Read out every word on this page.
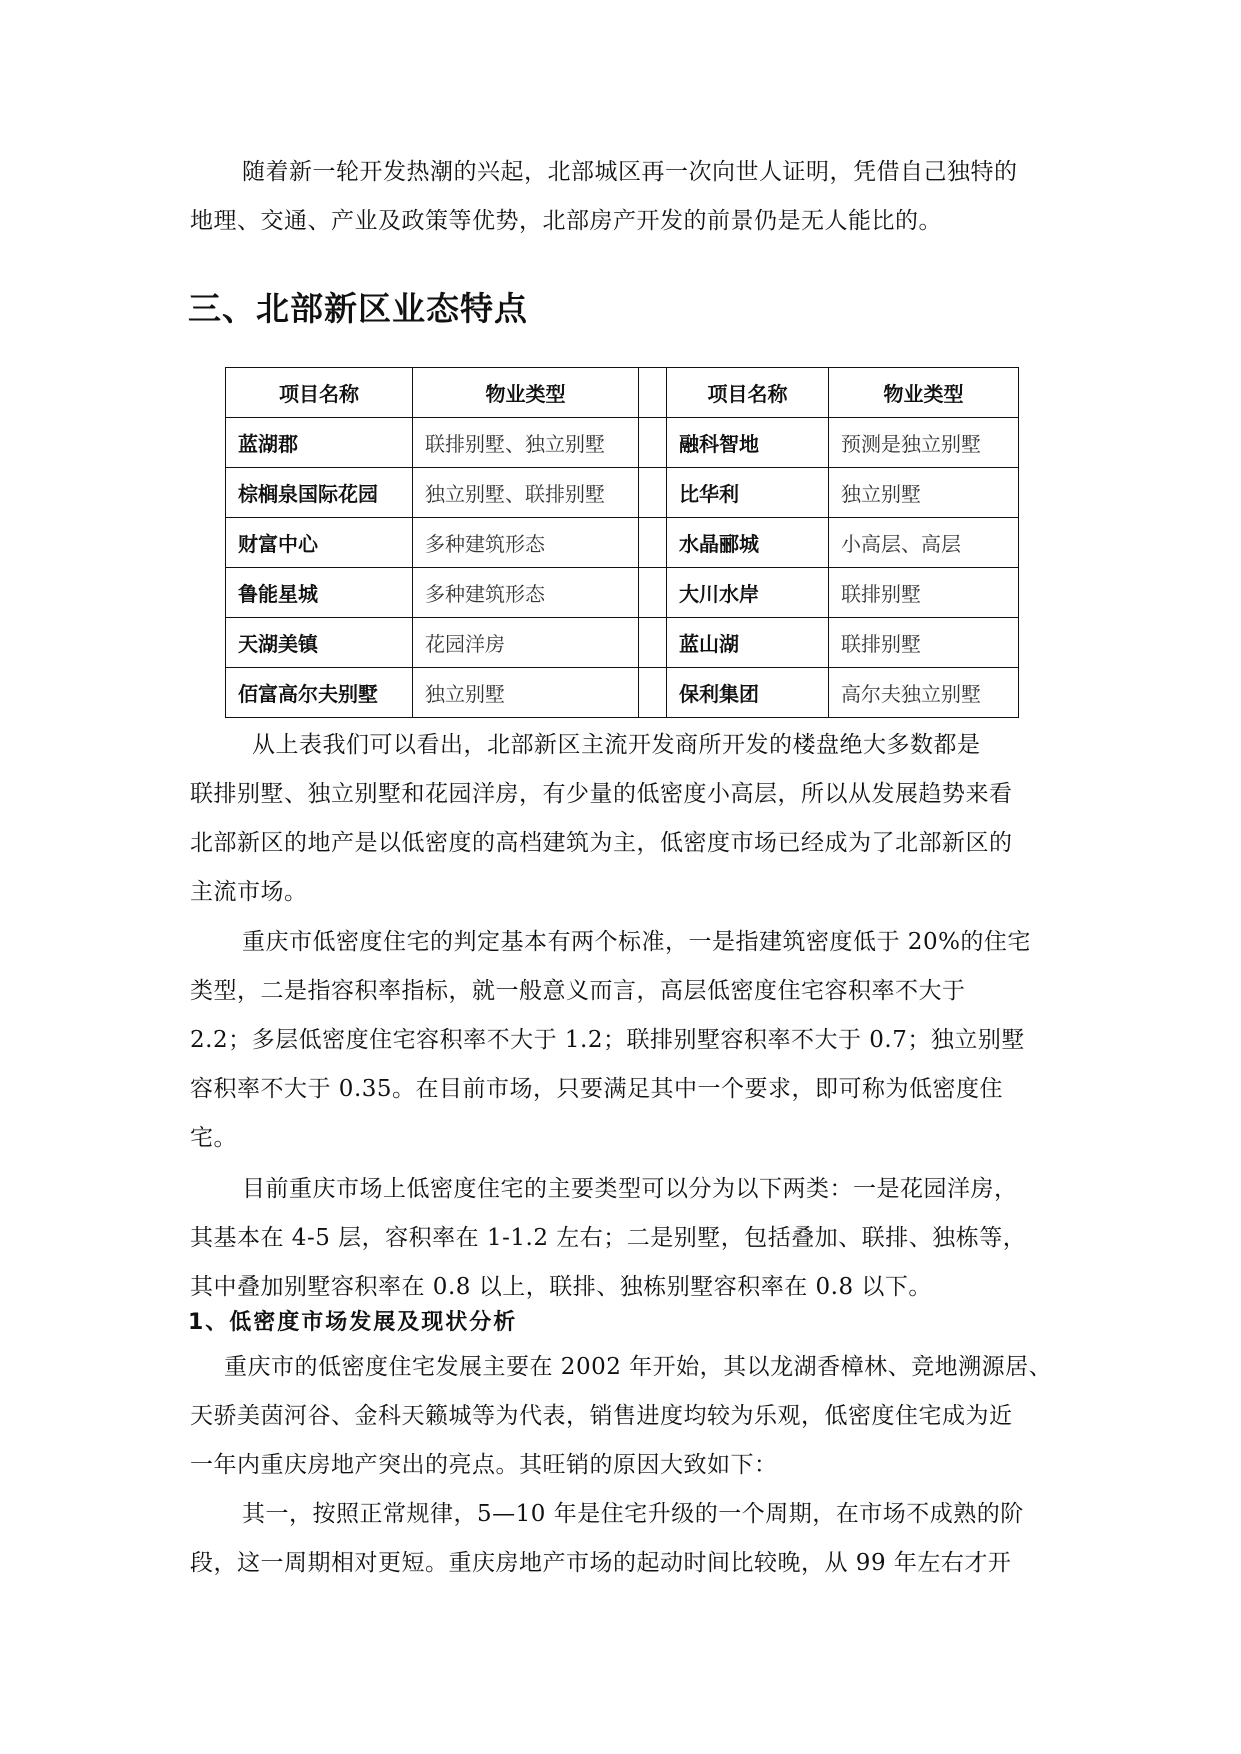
随着新一轮开发热潮的兴起，北部城区再一次向世人证明，凭借自己独特的
地理、交通、产业及政策等优势，北部房产开发的前景仍是无人能比的。

三、北部新区业态特点
项目名称	物业类型		项目名称	物业类型
蓝湖郡	联排别墅、独立别墅		融科智地	预测是独立别墅
棕榈泉国际花园	独立别墅、联排别墅		比华利	独立别墅
财富中心	多种建筑形态		水晶郦城	小高层、高层
鲁能星城	多种建筑形态		大川水岸	联排别墅
天湖美镇	花园洋房		蓝山湖	联排别墅
佰富高尔夫别墅	独立别墅		保利集团	高尔夫独立别墅

从上表我们可以看出，北部新区主流开发商所开发的楼盘绝大多数都是
联排别墅、独立别墅和花园洋房，有少量的低密度小高层，所以从发展趋势来看
北部新区的地产是以低密度的高档建筑为主，低密度市场已经成为了北部新区的
主流市场。

重庆市低密度住宅的判定基本有两个标准，一是指建筑密度低于 20%的住宅
类型，二是指容积率指标，就一般意义而言，高层低密度住宅容积率不大于
2.2；多层低密度住宅容积率不大于 1.2；联排别墅容积率不大于 0.7；独立别墅
容积率不大于 0.35。在目前市场，只要满足其中一个要求，即可称为低密度住
宅。

目前重庆市场上低密度住宅的主要类型可以分为以下两类：一是花园洋房，
其基本在 4-5 层，容积率在 1-1.2 左右；二是别墅，包括叠加、联排、独栋等，
其中叠加别墅容积率在 0.8 以上，联排、独栋别墅容积率在 0.8 以下。

1、低密度市场发展及现状分析

重庆市的低密度住宅发展主要在 2002 年开始，其以龙湖香樟林、竞地溯源居、
天骄美茵河谷、金科天籁城等为代表，销售进度均较为乐观，低密度住宅成为近
一年内重庆房地产突出的亮点。其旺销的原因大致如下：

其一，按照正常规律，5—10 年是住宅升级的一个周期，在市场不成熟的阶
段，这一周期相对更短。重庆房地产市场的起动时间比较晚，从 99 年左右才开
